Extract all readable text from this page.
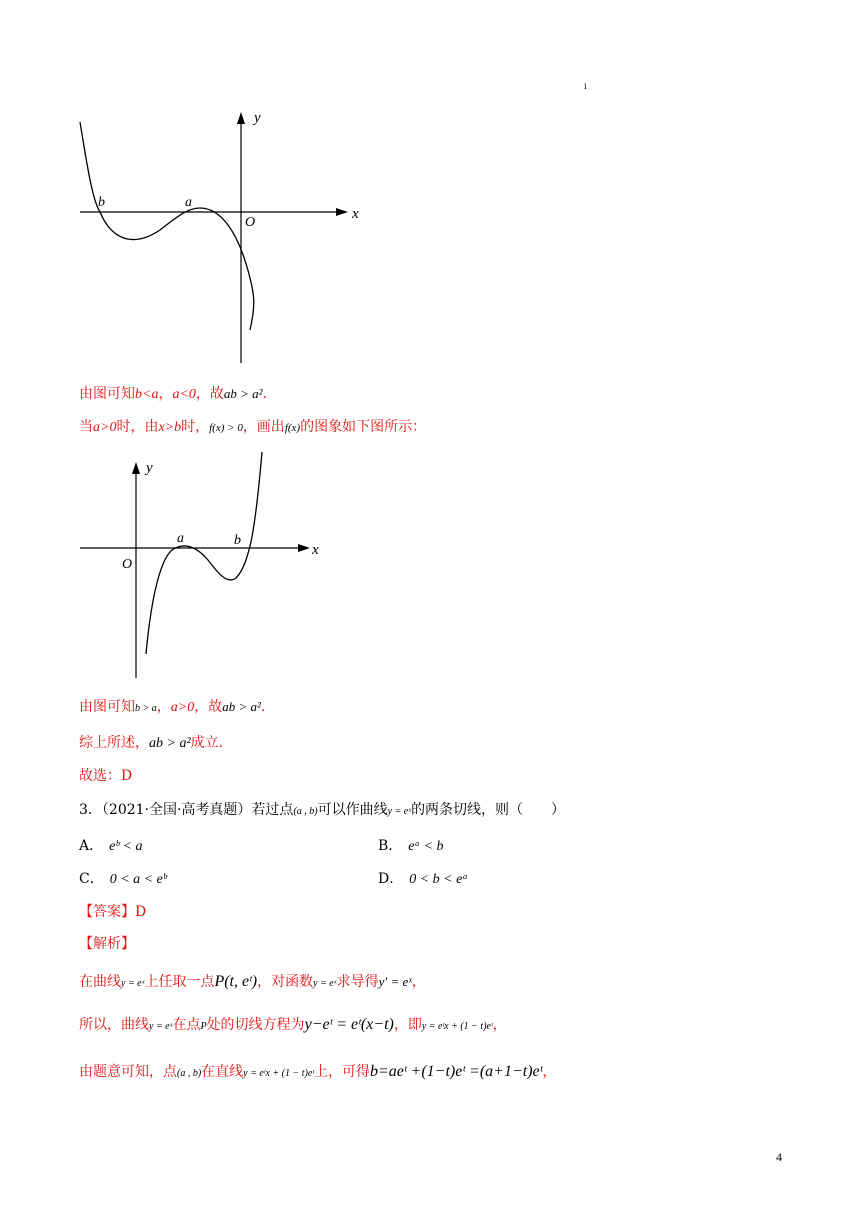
i
y
x
O
a
b
由图可知b<a，a<0，故ab > a².
当a>0时，由x>b时，f(x) > 0，画出f(x)的图象如下图所示：
y
x
O
a	b
由图可知b > a，a>0，故ab > a².
综上所述，ab > a²成立.
故选：D
3．（2021·全国·高考真题）若过点(a , b)可以作曲线y = eˣ的两条切线，则（　　）
A． eᵇ < a	B． eᵃ < b
C． 0 < a < eᵇ	D． 0 < b < eᵃ
【答案】D
【解析】
在曲线y = eˣ上任取一点P(t, eᵗ)，对函数y = eˣ求导得y′ = eˣ，
所以，曲线y = eˣ在点P处的切线方程为y−eᵗ = eᵗ(x−t)，即y = eᵗx + (1 − t)eᵗ，
由题意可知，点(a , b)在直线y = eᵗx + (1 − t)eᵗ上，可得b=aeᵗ +(1−t)eᵗ =(a+1−t)eᵗ，
4
